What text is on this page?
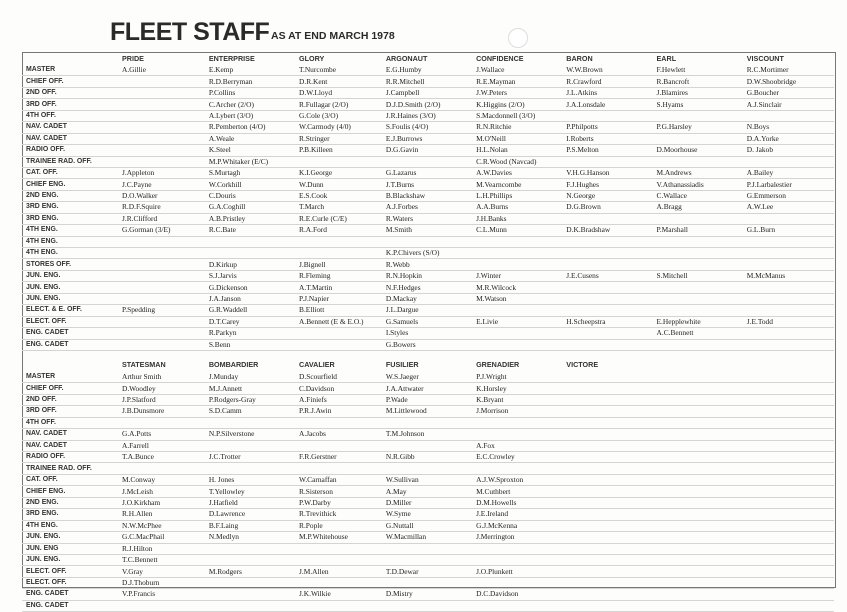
FLEET STAFF AS AT END MARCH 1978
	PRIDE	ENTERPRISE	GLORY	ARGONAUT	CONFIDENCE	BARON	EARL	VISCOUNT
MASTER	A.Gillie	E.Kemp	T.Nurcombe	E.G.Humby	J.Wallace	W.W.Brown	F.Hewlett	R.C.Mortimer
CHIEF OFF.		R.D.Berryman	D.R.Kent	R.R.Mitchell	R.E.Mayman	R.Crawford	R.Bancroft	D.W.Shoobridge
2ND OFF.		P.Collins	D.W.Lloyd	J.Campbell	J.W.Peters	J.L.Atkins	J.Blamires	G.Boucher
3RD OFF.		C.Archer (2/O)	R.Fullagar (2/O)	D.J.D.Smith (2/O)	K.Higgins (2/O)	J.A.Lonsdale	S.Hyams	A.J.Sinclair
4TH OFF.		A.Lybert (3/O)	G.Cole (3/O)	J.R.Haines (3/O)	S.Macdonnell (3/O)			
NAV. CADET		R.Pemberton (4/O)	W.Carmody (4/0)	S.Foulis (4/O)	R.N.Ritchie	P.Philpotts	P.G.Harsley	N.Boys
NAV. CADET		A.Weale	R.Stringer	E.J.Burrows	M.O'Neill	I.Roberts		D.A.Yorke
RADIO OFF.		K.Steel	P.B.Killeen	D.G.Gavin	H.L.Nolan	P.S.Melton	D.Moorhouse	D. Jakob
TRAINEE RAD. OFF.		M.P.Whitaker (E/C)			C.R.Wood (Navcad)			
CAT. OFF.	J.Appleton	S.Murtagh	K.I.George	G.Lazarus	A.W.Davies	V.H.G.Hanson	M.Andrews	A.Bailey
CHIEF ENG.	J.C.Payne	W.Corkhill	W.Dunn	J.T.Burns	M.Vearncombe	F.J.Hughes	V.Athanassiadis	P.J.Larbalestier
2ND ENG.	D.O.Walker	C.Douris	E.S.Cook	B.Blackshaw	L.H.Phillips	N.George	C.Wallace	G.Emmerson
3RD ENG.	R.D.F.Squire	G.A.Coghill	T.March	A.J.Forbes	A.A.Burns	D.G.Brown	A.Bragg	A.W.Lee
3RD ENG.	J.R.Clifford	A.B.Pristley	R.E.Curle (C/E)	R.Waters	J.H.Banks			
4TH ENG.	G.Gorman (3/E)	R.C.Bate	R.A.Ford	M.Smith	C.L.Munn	D.K.Bradshaw	P.Marshall	G.L.Burn
4TH ENG.								
4TH ENG.				K.P.Chivers (S/O)				
STORES OFF.		D.Kirkup	J.Bignell	R.Webb				
JUN. ENG.		S.J.Jarvis	R.Fleming	R.N.Hopkin	J.Winter	J.E.Cusens	S.Mitchell	M.McManus
JUN. ENG.		G.Dickenson	A.T.Martin	N.F.Hedges	M.R.Wilcock			
JUN. ENG.		J.A.Janson	P.J.Napier	D.Mackay	M.Watson			
ELECT. & E. OFF.	P.Spedding	G.R.Waddell	B.Elliott	J.L.Dargue				
ELECT. OFF.		D.T.Carey	A.Bennett (E & E.O.)	G.Samuels	E.Livie	H.Scheepstra	E.Hepplewhite	J.E.Todd
ENG. CADET		R.Parkyn		I.Styles			A.C.Bennett	
ENG. CADET		S.Benn		G.Bowers				

	STATESMAN	BOMBARDIER	CAVALIER	FUSILIER	GRENADIER	VICTORE		
MASTER	Arthur Smith	J.Munday	D.Scourfield	W.S.Jaeger	P.J.Wright			
CHIEF OFF.	D.Woodley	M.J.Annett	C.Davidson	J.A.Attwater	K.Horsley			
2ND OFF.	J.P.Slatford	P.Rodgers-Gray	A.Finiefs	P.Wade	K.Bryant			
3RD OFF.	J.B.Dunsmore	S.D.Camm	P.R.J.Awin	M.Littlewood	J.Morrison			
4TH OFF.								
NAV. CADET	G.A.Potts	N.P.Silverstone	A.Jacobs	T.M.Johnson				
NAV. CADET	A.Farrell				A.Fox			
RADIO OFF.	T.A.Bunce	J.C.Trotter	F.R.Gerstner	N.R.Gibb	E.C.Crowley			
TRAINEE RAD. OFF.								
CAT. OFF.	M.Conway	H. Jones	W.Carnaffan	W.Sullivan	A.J.W.Sproxton			
CHIEF ENG.	J.McLeish	T.Yellowley	R.Sisterson	A.May	M.Cuthbert			
2ND ENG.	J.O.Kirkham	J.Hatfield	P.W.Darby	D.Miller	D.M.Howells			
3RD ENG.	R.H.Allen	D.Lawrence	R.Trevithick	W.Syme	J.E.Ireland			
4TH ENG.	N.W.McPhee	B.F.Laing	R.Pople	G.Nuttall	G.J.McKenna			
JUN. ENG.	G.C.MacPhail	N.Medlyn	M.P.Whitehouse	W.Macmillan	J.Merrington			
JUN. ENG	R.J.Hilton							
JUN. ENG.	T.C.Bennett							
ELECT. OFF.	V.Gray	M.Rodgers	J.M.Allen	T.D.Dewar	J.O.Plunkett			
ELECT. OFF.	D.J.Thoburn							
ENG. CADET	V.P.Francis		J.K.Wilkie	D.Mistry	D.C.Davidson			
ENG. CADET								
